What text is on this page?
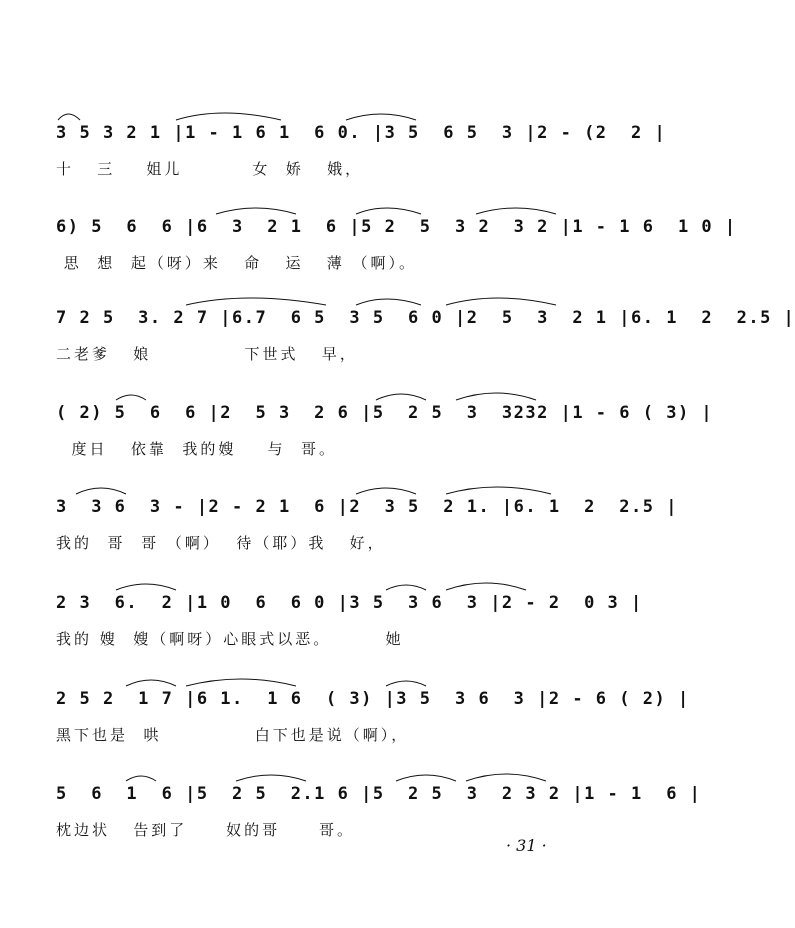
3 5 3 2 1 |1 - 1 6 1  6 0. |3 5  6 5  3 |2 - (2  2 |
十   三    姐儿         女  娇   娥，
6) 5  6  6 |6  3  2 1  6 |5 2  5  3 2  3 2 |1 - 1 6  1 0 |
思  想  起（呀）来   命   运   薄 （啊）。
7 2 5  3. 2 7 |6.7  6 5  3 5  6 0 |2  5  3  2 1 |6. 1  2  2.5 |
二老爹   娘            下世式   早，
( 2) 5  6  6 |2  5 3  2 6 |5  2 5  3  3232 |1 - 6 ( 3) |
度日   依靠  我的嫂    与  哥。
3  3 6  3 - |2 - 2 1  6 |2  3 5  2 1. |6. 1  2  2.5 |
我的  哥  哥 （啊）  待（耶）我   好，
2 3  6.  2 |1 0  6  6 0 |3 5  3 6  3 |2 - 2  0 3 |
我的 嫂  嫂（啊呀）心眼式以恶。       她
2 5 2  1 7 |6 1.  1 6  ( 3) |3 5  3 6  3 |2 - 6 ( 2) |
黑下也是  哄            白下也是说（啊），
5  6  1  6 |5  2 5  2.1 6 |5  2 5  3  2 3 2 |1 - 1  6 |
枕边状   告到了     奴的哥     哥。
· 31 ·
